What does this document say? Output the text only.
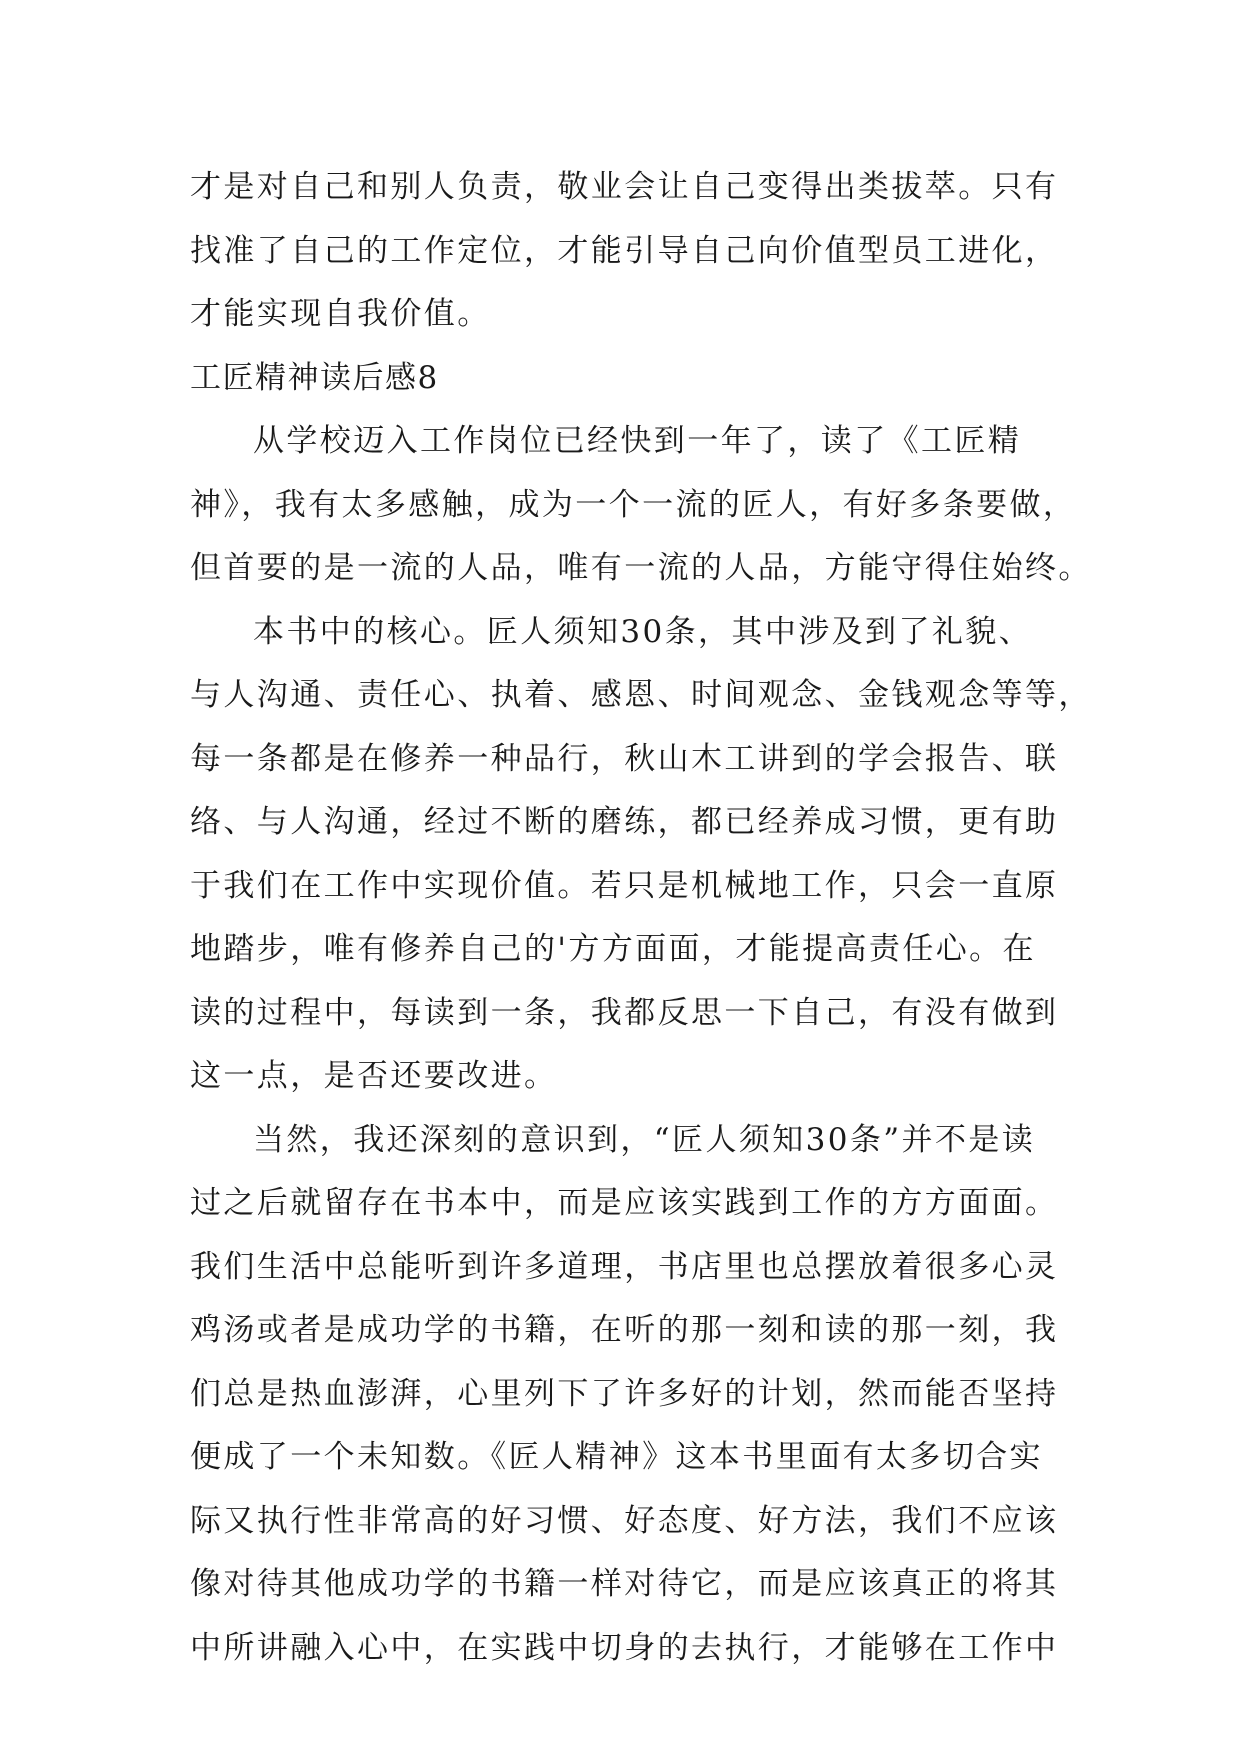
才是对自己和别人负责，敬业会让自己变得出类拔萃。只有
找准了自己的工作定位，才能引导自己向价值型员工进化，
才能实现自我价值。

工匠精神读后感8

从学校迈入工作岗位已经快到一年了，读了《工匠精
神》，我有太多感触，成为一个一流的匠人，有好多条要做，
但首要的是一流的人品，唯有一流的人品，方能守得住始终。

本书中的核心。匠人须知30条，其中涉及到了礼貌、
与人沟通、责任心、执着、感恩、时间观念、金钱观念等等，
每一条都是在修养一种品行，秋山木工讲到的学会报告、联
络、与人沟通，经过不断的磨练，都已经养成习惯，更有助
于我们在工作中实现价值。若只是机械地工作，只会一直原
地踏步，唯有修养自己的'方方面面，才能提高责任心。在
读的过程中，每读到一条，我都反思一下自己，有没有做到
这一点，是否还要改进。

当然，我还深刻的意识到，“匠人须知30条”并不是读
过之后就留存在书本中，而是应该实践到工作的方方面面。
我们生活中总能听到许多道理，书店里也总摆放着很多心灵
鸡汤或者是成功学的书籍，在听的那一刻和读的那一刻，我
们总是热血澎湃，心里列下了许多好的计划，然而能否坚持
便成了一个未知数。《匠人精神》这本书里面有太多切合实
际又执行性非常高的好习惯、好态度、好方法，我们不应该
像对待其他成功学的书籍一样对待它，而是应该真正的将其
中所讲融入心中，在实践中切身的去执行，才能够在工作中
